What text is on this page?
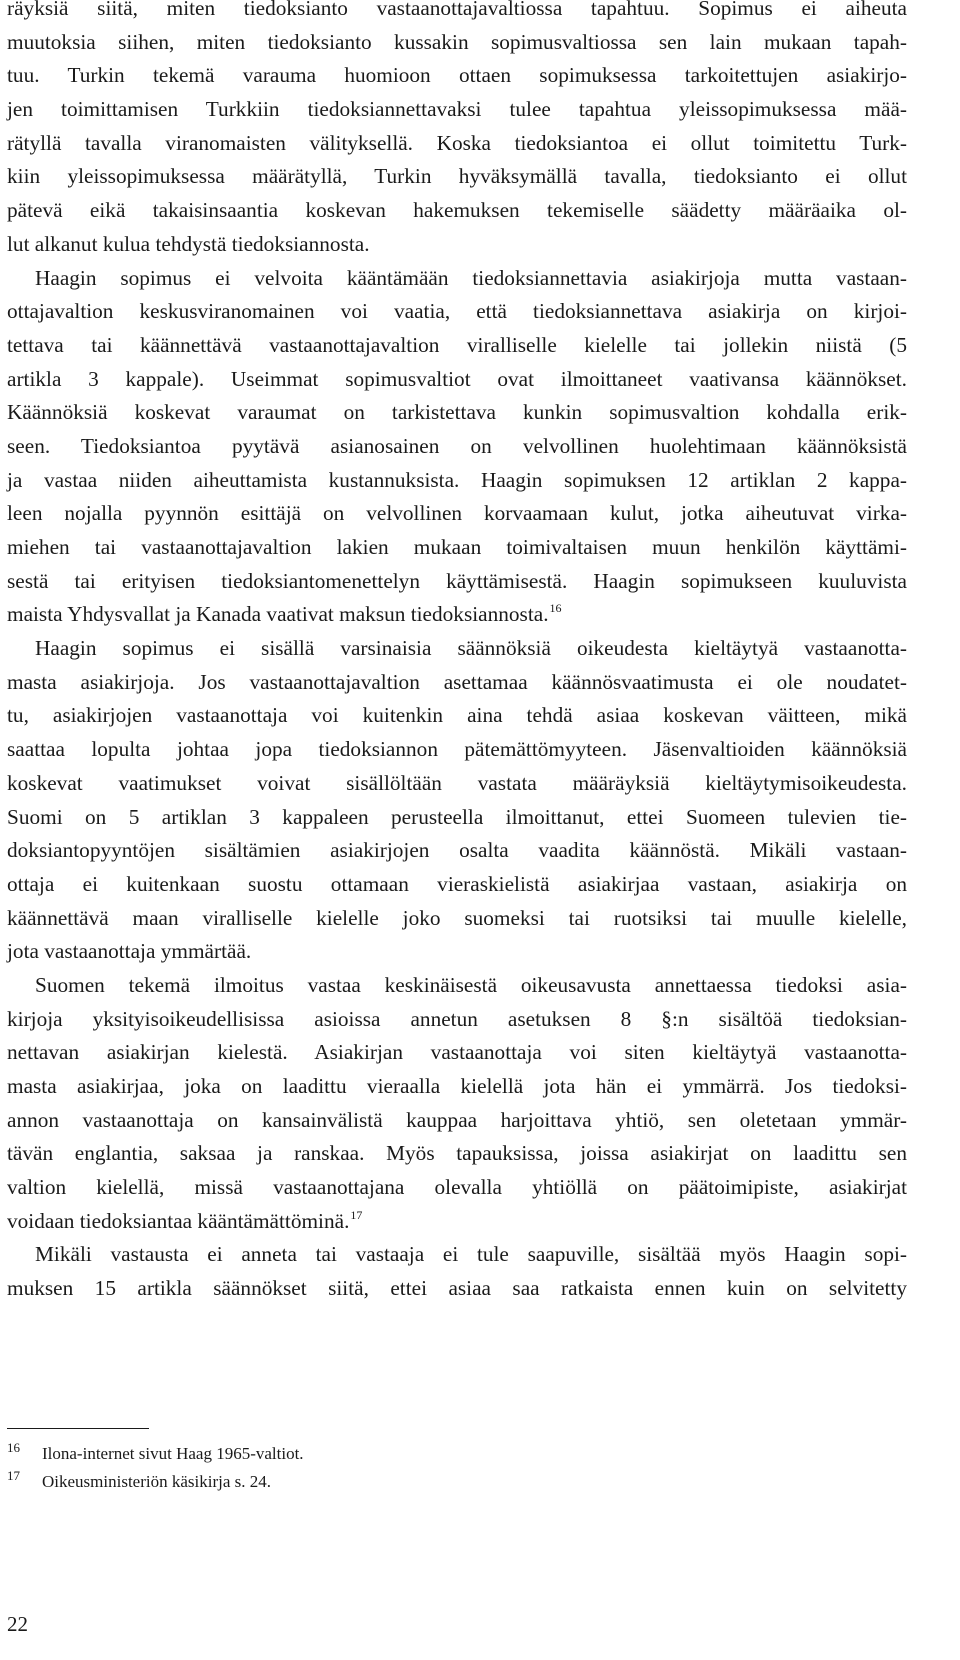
räyksiä siitä, miten tiedoksianto vastaanottajavaltiossa tapahtuu. Sopimus ei aiheuta
muutoksia siihen, miten tiedoksianto kussakin sopimusvaltiossa sen lain mukaan tapah-
tuu. Turkin tekemä varauma huomioon ottaen sopimuksessa tarkoitettujen asiakirjo-
jen toimittamisen Turkkiin tiedoksiannettavaksi tulee tapahtua yleissopimuksessa mää-
rätyllä tavalla viranomaisten välityksellä. Koska tiedoksiantoa ei ollut toimitettu Turk-
kiin yleissopimuksessa määrätyllä, Turkin hyväksymällä tavalla, tiedoksianto ei ollut
pätevä eikä takaisinsaantia koskevan hakemuksen tekemiselle säädetty määräaika ol-
lut alkanut kulua tehdystä tiedoksiannosta.
Haagin sopimus ei velvoita kääntämään tiedoksiannettavia asiakirjoja mutta vastaan-
ottajavaltion keskusviranomainen voi vaatia, että tiedoksiannettava asiakirja on kirjoi-
tettava tai käännettävä vastaanottajavaltion viralliselle kielelle tai jollekin niistä (5
artikla 3 kappale). Useimmat sopimusvaltiot ovat ilmoittaneet vaativansa käännökset.
Käännöksiä koskevat varaumat on tarkistettava kunkin sopimusvaltion kohdalla erik-
seen. Tiedoksiantoa pyytävä asianosainen on velvollinen huolehtimaan käännöksistä
ja vastaa niiden aiheuttamista kustannuksista. Haagin sopimuksen 12 artiklan 2 kappa-
leen nojalla pyynnön esittäjä on velvollinen korvaamaan kulut, jotka aiheutuvat virka-
miehen tai vastaanottajavaltion lakien mukaan toimivaltaisen muun henkilön käyttämi-
sestä tai erityisen tiedoksiantomenettelyn käyttämisestä. Haagin sopimukseen kuuluvista
maista Yhdysvallat ja Kanada vaativat maksun tiedoksiannosta.$^{16}$
Haagin sopimus ei sisällä varsinaisia säännöksiä oikeudesta kieltäytyä vastaanotta-
masta asiakirjoja. Jos vastaanottajavaltion asettamaa käännösvaatimusta ei ole noudatet-
tu, asiakirjojen vastaanottaja voi kuitenkin aina tehdä asiaa koskevan väitteen, mikä
saattaa lopulta johtaa jopa tiedoksiannon pätemättömyyteen. Jäsenvaltioiden käännöksiä
koskevat vaatimukset voivat sisällöltään vastata määräyksiä kieltäytymisoikeudesta.
Suomi on 5 artiklan 3 kappaleen perusteella ilmoittanut, ettei Suomeen tulevien tie-
doksiantopyyntöjen sisältämien asiakirjojen osalta vaadita käännöstä. Mikäli vastaan-
ottaja ei kuitenkaan suostu ottamaan vieraskielistä asiakirjaa vastaan, asiakirja on
käännettävä maan viralliselle kielelle joko suomeksi tai ruotsiksi tai muulle kielelle,
jota vastaanottaja ymmärtää.
Suomen tekemä ilmoitus vastaa keskinäisestä oikeusavusta annettaessa tiedoksi asia-
kirjoja yksityisoikeudellisissa asioissa annetun asetuksen 8 §:n sisältöä tiedoksian-
nettavan asiakirjan kielestä. Asiakirjan vastaanottaja voi siten kieltäytyä vastaanotta-
masta asiakirjaa, joka on laadittu vieraalla kielellä jota hän ei ymmärrä. Jos tiedoksi-
annon vastaanottaja on kansainvälistä kauppaa harjoittava yhtiö, sen oletetaan ymmär-
tävän englantia, saksaa ja ranskaa. Myös tapauksissa, joissa asiakirjat on laadittu sen
valtion kielellä, missä vastaanottajana olevalla yhtiöllä on päätoimipiste, asiakirjat
voidaan tiedoksiantaa kääntämättöminä.$^{17}$
Mikäli vastausta ei anneta tai vastaaja ei tule saapuville, sisältää myös Haagin sopi-
muksen 15 artikla säännökset siitä, ettei asiaa saa ratkaista ennen kuin on selvitetty
16 Ilona-internet sivut Haag 1965-valtiot.
17 Oikeusministeriön käsikirja s. 24.
22
